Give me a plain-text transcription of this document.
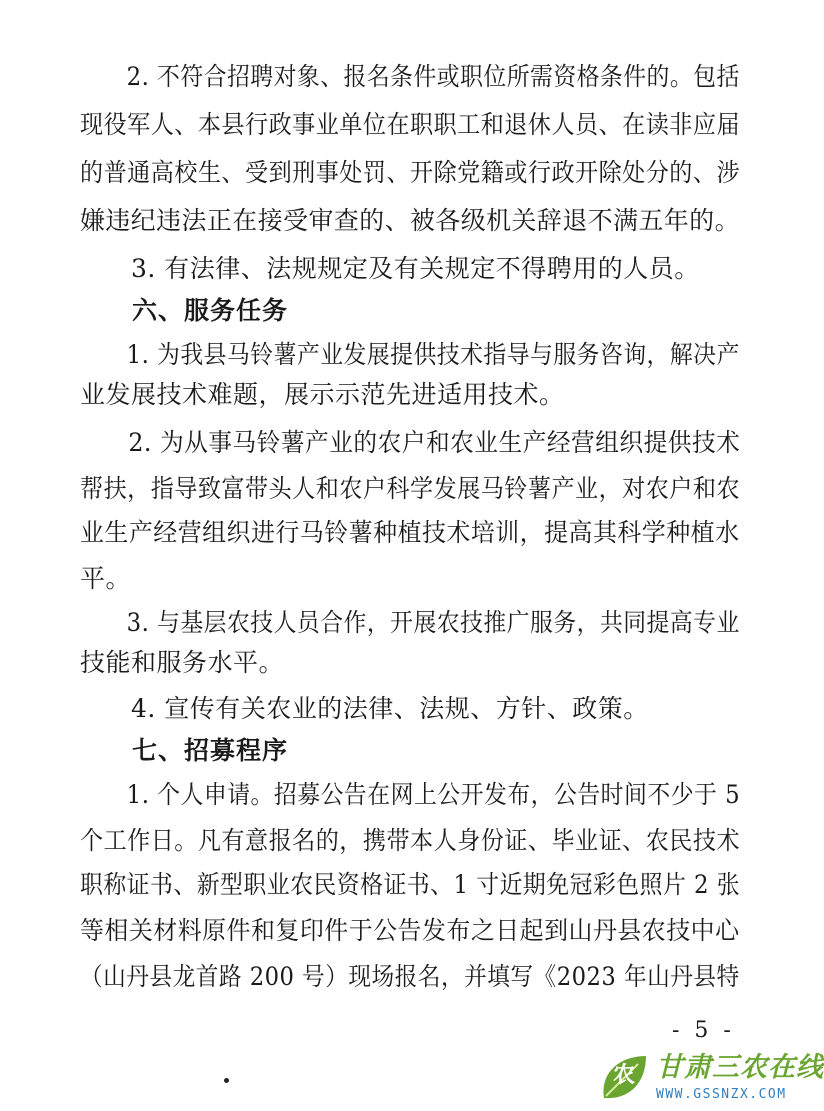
　　2. 不符合招聘对象、报名条件或职位所需资格条件的。包括
现役军人、本县行政事业单位在职职工和退休人员、在读非应届
的普通高校生、受到刑事处罚、开除党籍或行政开除处分的、涉
嫌违纪违法正在接受审查的、被各级机关辞退不满五年的。
　　3. 有法律、法规规定及有关规定不得聘用的人员。
　　六、服务任务
　　1. 为我县马铃薯产业发展提供技术指导与服务咨询，解决产
业发展技术难题，展示示范先进适用技术。
　　2. 为从事马铃薯产业的农户和农业生产经营组织提供技术
帮扶，指导致富带头人和农户科学发展马铃薯产业，对农户和农
业生产经营组织进行马铃薯种植技术培训，提高其科学种植水
平。
　　3. 与基层农技人员合作，开展农技推广服务，共同提高专业
技能和服务水平。
　　4. 宣传有关农业的法律、法规、方针、政策。
　　七、招募程序
　　1. 个人申请。招募公告在网上公开发布，公告时间不少于 5
个工作日。凡有意报名的，携带本人身份证、毕业证、农民技术
职称证书、新型职业农民资格证书、1 寸近期免冠彩色照片 2 张
等相关材料原件和复印件于公告发布之日起到山丹县农技中心
（山丹县龙首路 200 号）现场报名，并填写《2023 年山丹县特
- 5 -
农 甘肃三农在线
WWW.GSSNZX.COM
